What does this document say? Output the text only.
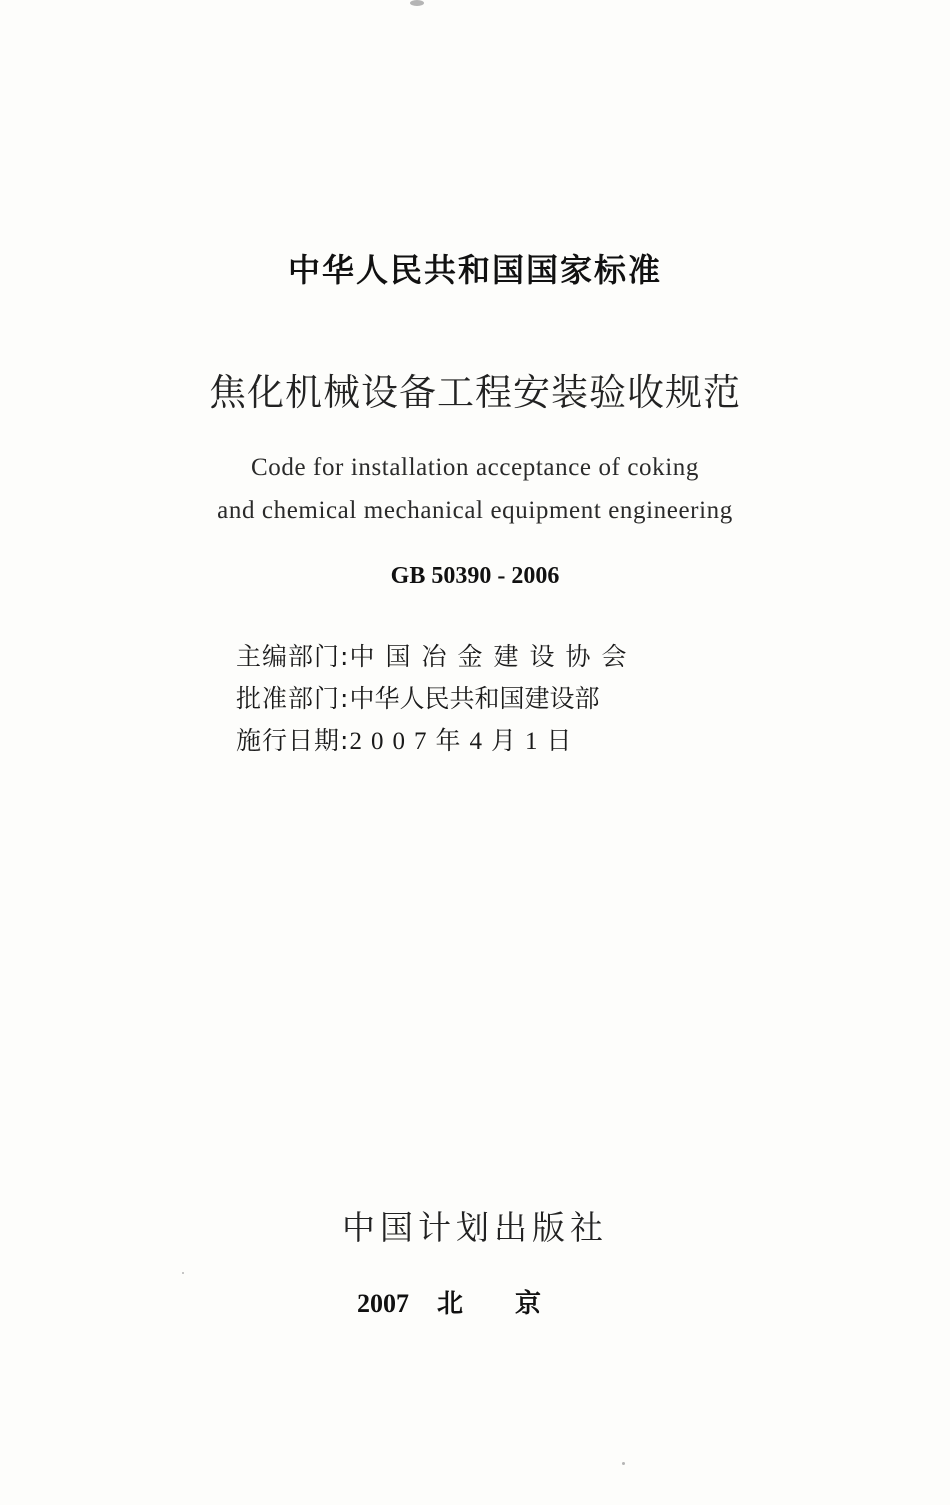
中华人民共和国国家标准
焦化机械设备工程安装验收规范
Code for installation acceptance of coking
and chemical mechanical equipment engineering
GB 50390 - 2006
主编部门:中国冶金建设协会
批准部门:中华人民共和国建设部
施行日期:2007年4月1日
中国计划出版社
2007 北京
